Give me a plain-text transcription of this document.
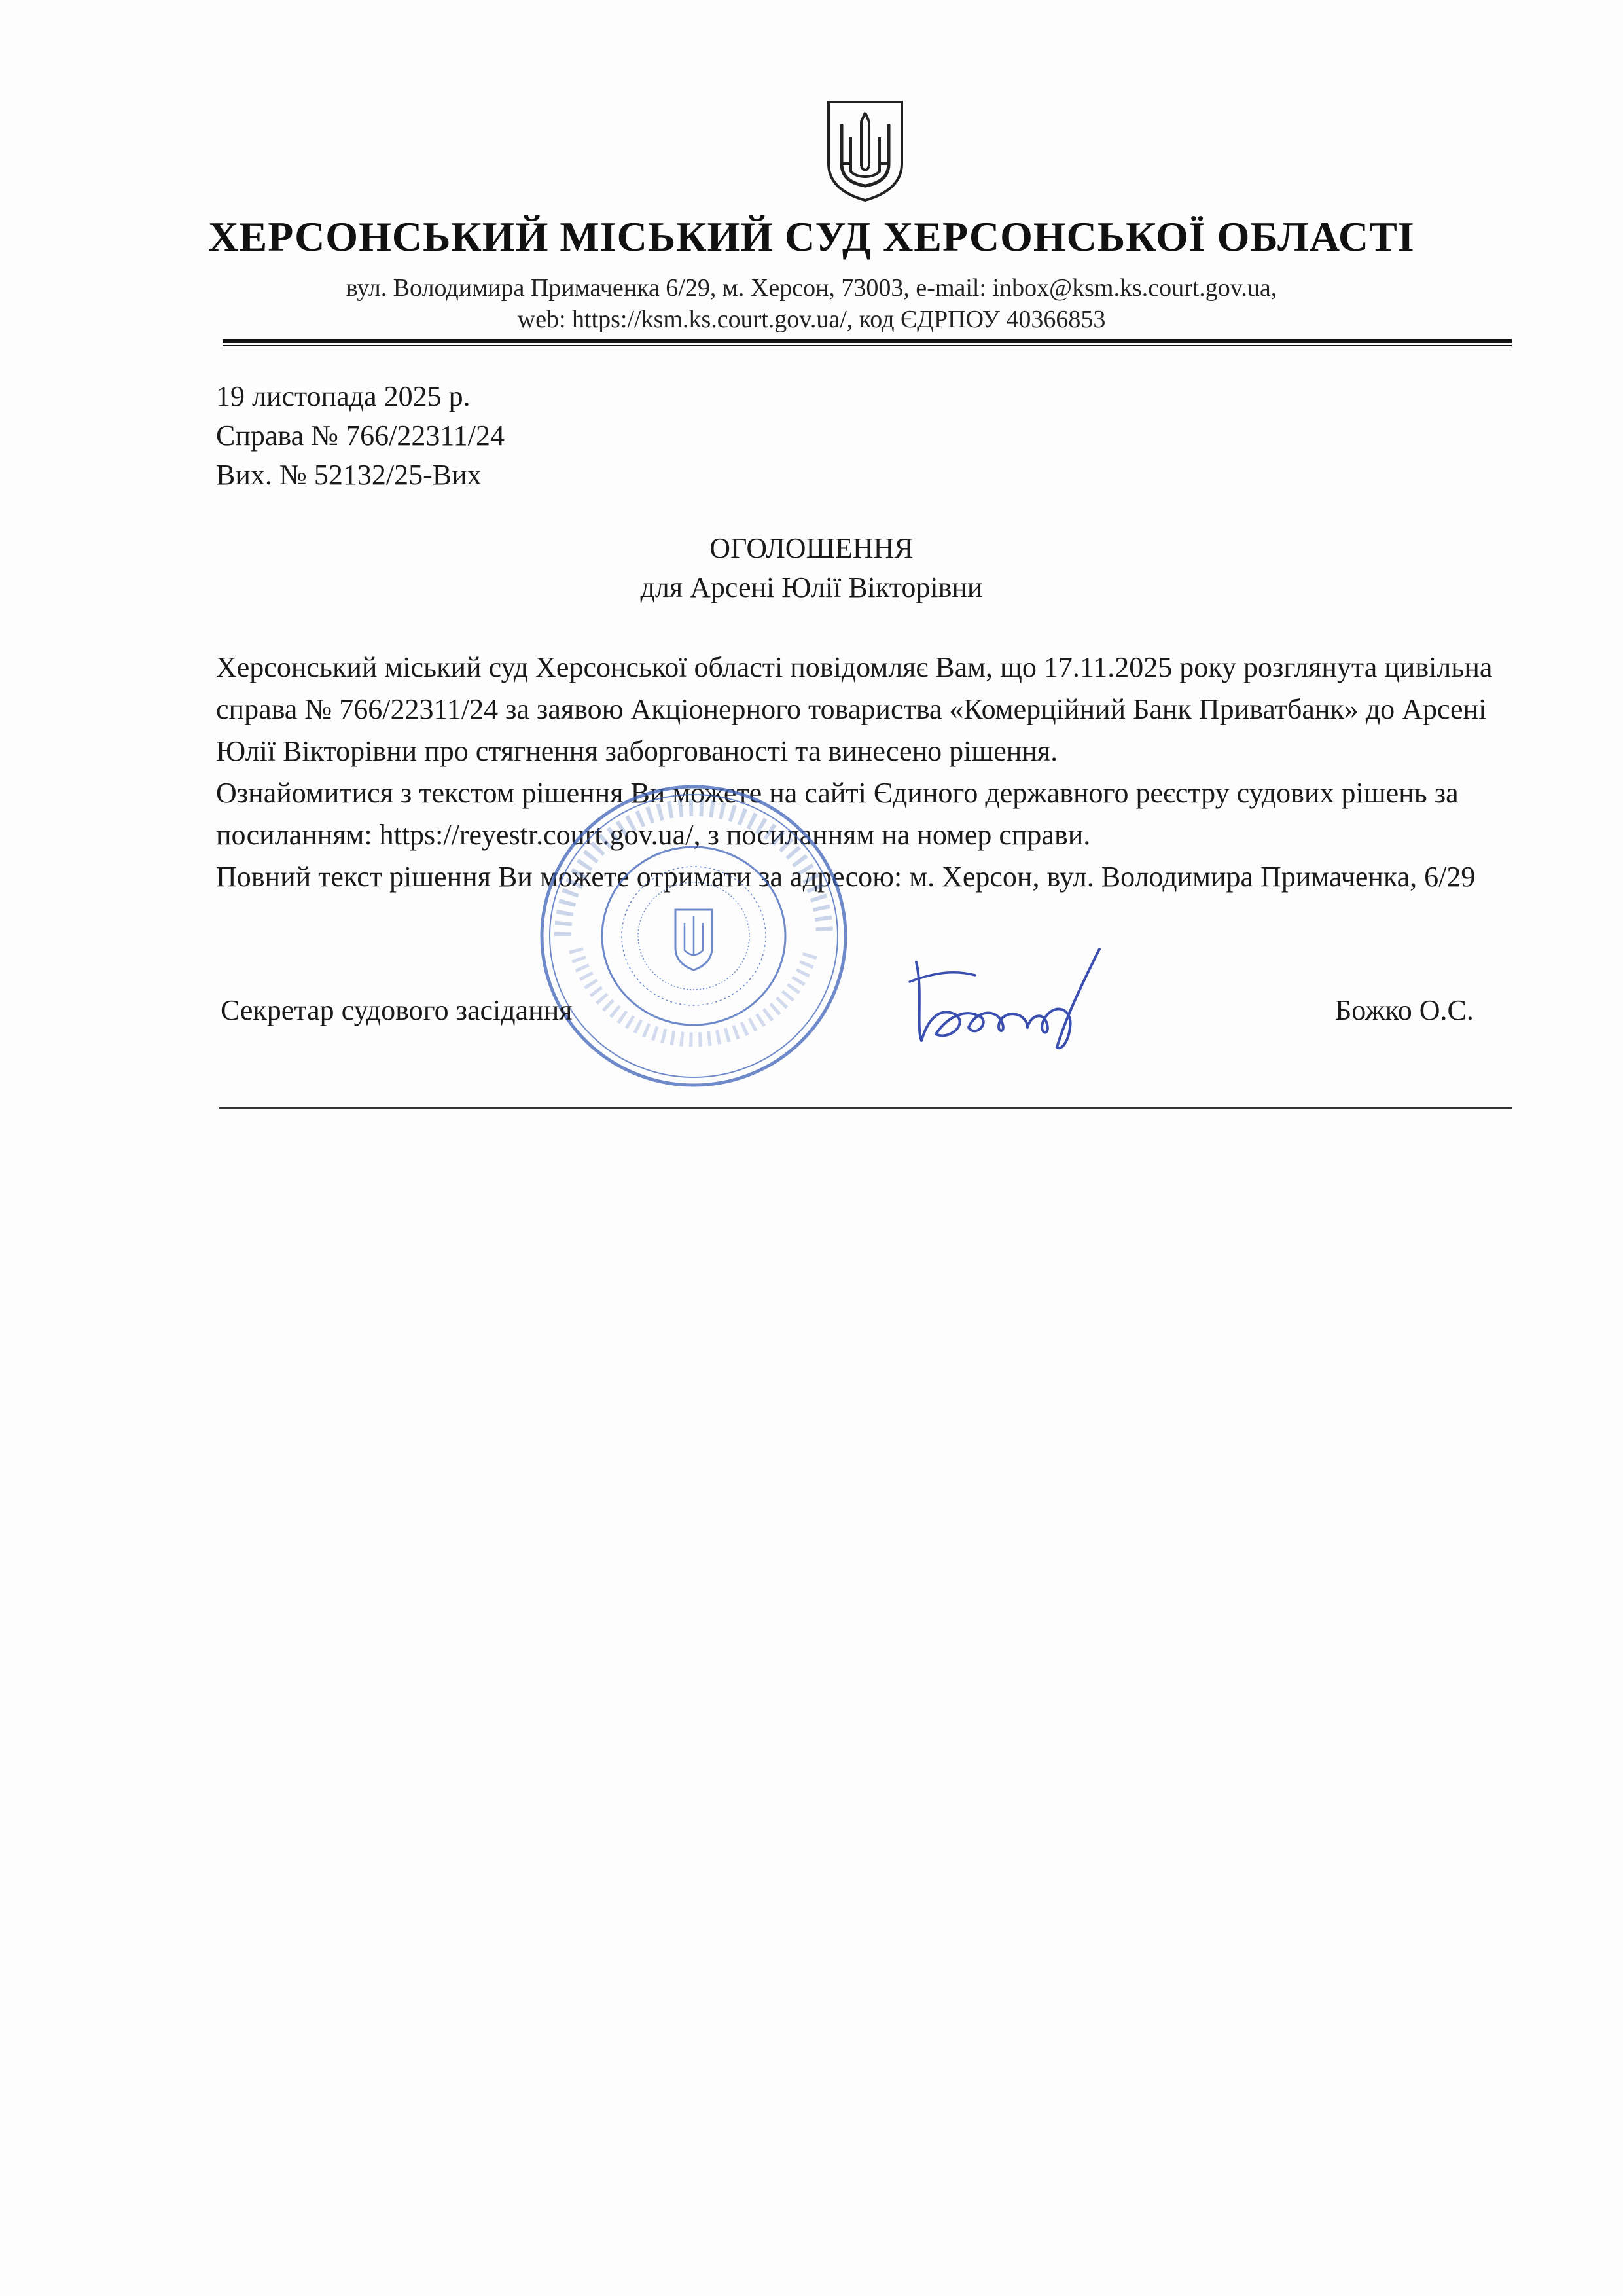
ХЕРСОНСЬКИЙ МІСЬКИЙ СУД ХЕРСОНСЬКОЇ ОБЛАСТІ
вул. Володимира Примаченка 6/29, м. Херсон, 73003, e-mail: inbox@ksm.ks.court.gov.ua,
web: https://ksm.ks.court.gov.ua/, код ЄДРПОУ 40366853
19 листопада 2025 р.
Справа № 766/22311/24
Вих. № 52132/25-Вих
ОГОЛОШЕННЯ
для Арсені Юлії Вікторівни

Херсонський міський суд Херсонської області повідомляє Вам, що 17.11.2025 року розглянута цивільна справа № 766/22311/24 за заявою Акціонерного товариства «Комерційний Банк Приватбанк» до Арсені Юлії Вікторівни про стягнення заборгованості та винесено рішення.

Ознайомитися з текстом рішення Ви можете на сайті Єдиного державного реєстру судових рішень за посиланням: https://reyestr.court.gov.ua/, з посиланням на номер справи.

Повний текст рішення Ви можете отримати за адресою: м. Херсон, вул. Володимира Примаченка, 6/29

Секретар судового засідання	Божко О.С.
